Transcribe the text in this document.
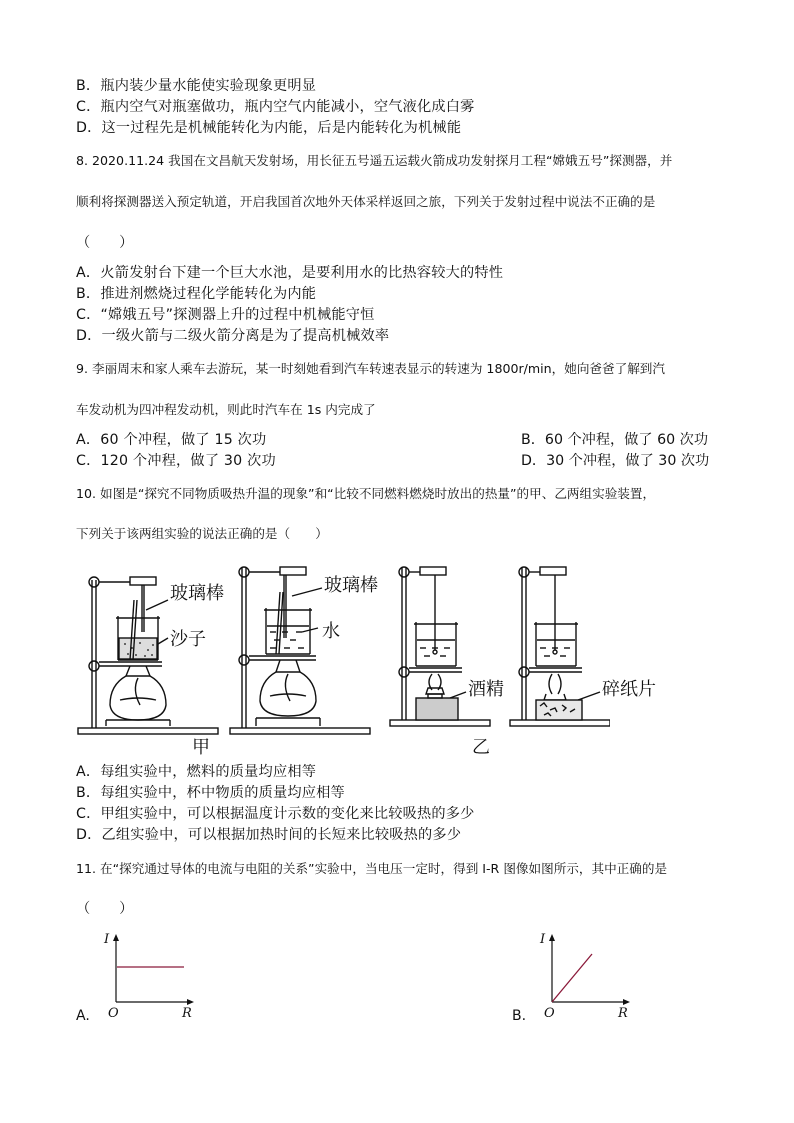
B．瓶内装少量水能使实验现象更明显
C．瓶内空气对瓶塞做功，瓶内空气内能减小，空气液化成白雾
D．这一过程先是机械能转化为内能，后是内能转化为机械能
8. 2020.11.24 我国在文昌航天发射场，用长征五号遥五运载火箭成功发射探月工程“嫦娥五号”探测器，并
顺利将探测器送入预定轨道，开启我国首次地外天体采样返回之旅，下列关于发射过程中说法不正确的是
（　　）
A．火箭发射台下建一个巨大水池，是要利用水的比热容较大的特性
B．推进剂燃烧过程化学能转化为内能
C．“嫦娥五号”探测器上升的过程中机械能守恒
D．一级火箭与二级火箭分离是为了提高机械效率
9. 李丽周末和家人乘车去游玩，某一时刻她看到汽车转速表显示的转速为 1800r/min，她向爸爸了解到汽
车发动机为四冲程发动机，则此时汽车在 1s 内完成了
A．60 个冲程，做了 15 次功	B．60 个冲程，做了 60 次功
C．120 个冲程，做了 30 次功	D．30 个冲程，做了 30 次功
10. 如图是“探究不同物质吸热升温的现象”和“比较不同燃料燃烧时放出的热量”的甲、乙两组实验装置，
下列关于该两组实验的说法正确的是（　　）
玻璃棒
沙子
玻璃棒
水
酒精	碎纸片
甲	乙
A．每组实验中，燃料的质量均应相等
B．每组实验中，杯中物质的质量均应相等
C．甲组实验中，可以根据温度计示数的变化来比较吸热的多少
D．乙组实验中，可以根据加热时间的长短来比较吸热的多少
11. 在“探究通过导体的电流与电阻的关系”实验中，当电压一定时，得到 I-R 图像如图所示，其中正确的是
（　　）
I
O	R
A.
I
O	R
B.
